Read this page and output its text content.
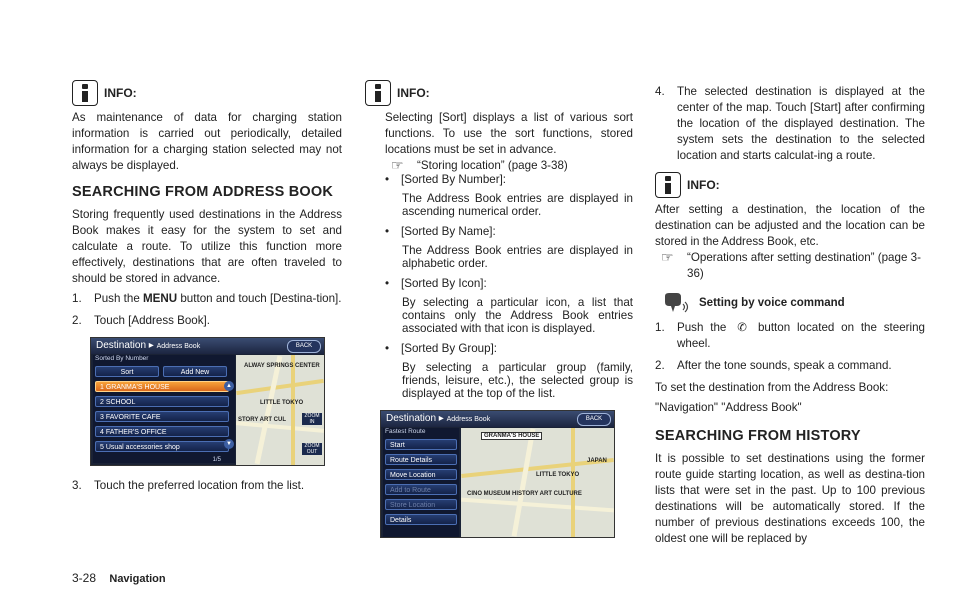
INFO:

As maintenance of data for charging station information is carried out periodically, detailed information for a charging station selected may not always be displayed.

SEARCHING FROM ADDRESS BOOK

Storing frequently used destinations in the Address Book makes it easy for the system to set and calculate a route. To utilize this function more effectively, destinations that are often traveled to should be stored in advance.

1.	Push the MENU button and touch [Destina-tion].
2.	Touch [Address Book].
Destination ▸ Address Book	BACK
ALWAY SPRINGS CENTER
LITTLE TOKYO
STORY ART CUL
ZOOM IN
ZOOM OUT
Sorted By Number
Sort	Add New
1 GRANMA'S HOUSE
2 SCHOOL
3 FAVORITE CAFE
4 FATHER'S OFFICE
5 Usual accessories shop
1/5
▲
▼
3.	Touch the preferred location from the list.
INFO:

Selecting [Sort] displays a list of various sort functions. To use the sort functions, stored locations must be set in advance.

☞	“Storing location” (page 3-38)
•	[Sorted By Number]:
The Address Book entries are displayed in ascending numerical order.
•	[Sorted By Name]:
The Address Book entries are displayed in alphabetic order.
•	[Sorted By Icon]:
By selecting a particular icon, a list that contains only the Address Book entries associated with that icon is displayed.
•	[Sorted By Group]:
By selecting a particular group (family, friends, leisure, etc.), the selected group is displayed at the top of the list.
Destination ▸ Address Book	BACK
GRANMA'S HOUSE
LITTLE TOKYO
CINO MUSEUM HISTORY ART CULTURE
JAPAN
Fastest Route
Start
Route Details
Move Location
Add to Route
Store Location
Details
4.	The selected destination is displayed at the center of the map. Touch [Start] after confirming the location of the displayed destination. The system sets the destination to the selected location and starts calculat-ing a route.
INFO:

After setting a destination, the location of the destination can be adjusted and the location can be stored in the Address Book, etc.

☞	“Operations after setting destination” (page 3-36)
Setting by voice command
1.	Push the ✆ button located on the steering wheel.
2.	After the tone sounds, speak a command.

To set the destination from the Address Book:

"Navigation" "Address Book"

SEARCHING FROM HISTORY

It is possible to set destinations using the former route guide starting location, as well as destina-tion lists that were set in the past. Up to 100 previous destinations will be automatically stored. If the number of previous destinations exceeds 100, the oldest one will be replaced by

3-28 Navigation
